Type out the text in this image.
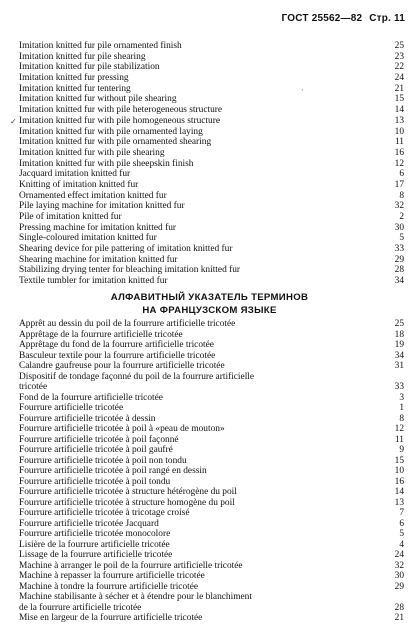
ГОСТ 25562—82 Стр. 11
Imitation knitted fur pile ornamented finish	25
Imitation knitted fur pile shearing	23
Imitation knitted fur pile stabilization	22
Imitation knitted fur pressing	24
Imitation knitted fur tentering	21
Imitation knitted fur without pile shearing	15
Imitation knitted fur with pile heterogeneous structure	14
Imitation knitted fur with pile homogeneous structure	13
Imitation knitted fur with pile ornamented laying	10
Imitation knitted fur with pile ornamented shearing	11
Imitation knitted fur with pile shearing	16
Imitation knitted fur with pile sheepskin finish	12
Jacquard imitation knitted fur	6
Knitting of imitation knitted fur	17
Ornamented effect imitation knitted fur	8
Pile laying machine for imitation knitted fur	32
Pile of imitation knitted fur	2
Pressing machine for imitation knitted fur	30
Single-coloured imitation knitted fur	5
Shearing device for pile pattering of imitation knitted fur	33
Shearing machine for imitation knitted fur	29
Stabilizing drying tenter for bleaching imitation knitted fur	28
Textile tumbler for imitation knitted fur	34
АЛФАВИТНЫЙ УКАЗАТЕЛЬ ТЕРМИНОВ
НА ФРАНЦУЗСКОМ ЯЗЫКЕ
Apprêt au dessin du poil de la fourrure artificielle tricotée	25
Apprêtage de la fourrure artificielle tricotée	18
Apprêtage du fond de la fourrure artificielle tricotée	19
Basculeur textile pour la fourrure artificielle tricotée	34
Calandre gaufreuse pour la fourrure artificielle tricotée	31
Dispositif de tondage façonné du poil de la fourrure artificielle
tricotée	33
Fond de la fourrure artificielle tricotée	3
Fourrure artificielle tricotée	1
Fourrure artificielle tricotée à dessin	8
Fourrure artificielle tricotée à poil à «peau de mouton»	12
Fourrure artificielle tricotée à poil façonné	11
Fourrure artificielle tricotée à poil gaufré	9
Fourrure artificielle tricotée à poil non tondu	15
Fourrure artificielle tricotée à poil rangé en dessin	10
Fourrure artificielle tricotée à poil tondu	16
Fourrure artificielle tricotée à structure hétérogène du poil	14
Fourrure artificielle tricotée à structure homogène du poil	13
Fourrure artificielle tricotée à tricotage croisé	7
Fourrure artificielle tricotée Jacquard	6
Fourrure artificielle tricotée monocolore	5
Lisière de la fourrure artificielle tricotée	4
Lissage de la fourrure artificielle tricotée	24
Machine à arranger le poil de la fourrure artificielle tricotée	32
Machine à repasser la fourrure artificielle tricotée	30
Machine à tondre la fourrure artificielle tricotée	29
Machine stabilisante à sécher et à étendre pour le blanchiment
de la fourrure artificielle tricotée	28
Mise en largeur de la fourrure artificielle tricotée	21
·
✓
